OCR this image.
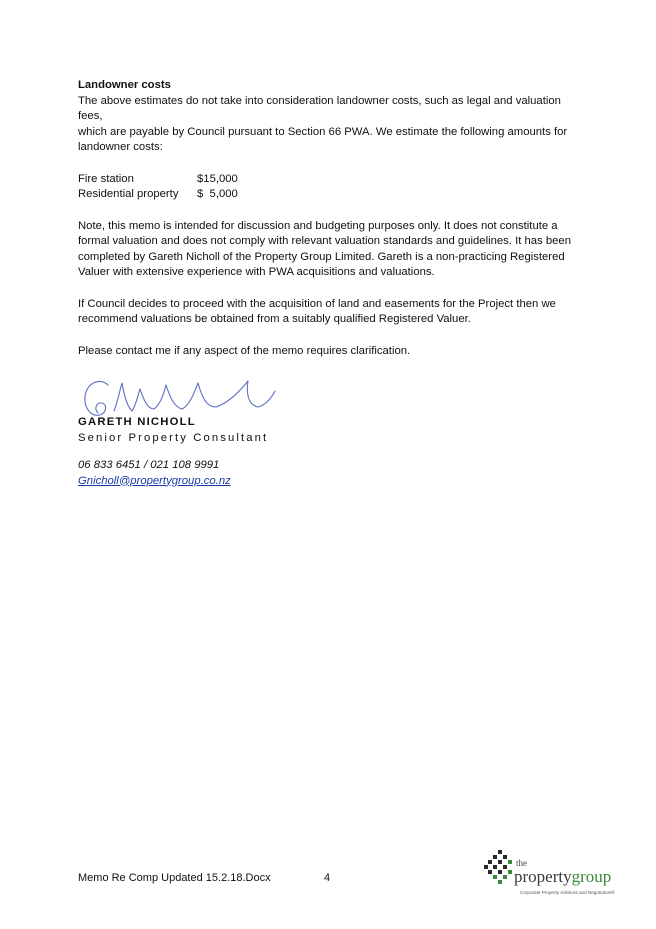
Landowner costs

The above estimates do not take into consideration landowner costs, such as legal and valuation fees,
which are payable by Council pursuant to Section 66 PWA. We estimate the following amounts for
landowner costs:

Fire station	$15,000
Residential property	$  5,000

Note, this memo is intended for discussion and budgeting purposes only. It does not constitute a
formal valuation and does not comply with relevant valuation standards and guidelines. It has been
completed by Gareth Nicholl of the Property Group Limited. Gareth is a non-practicing Registered
Valuer with extensive experience with PWA acquisitions and valuations.

If Council decides to proceed with the acquisition of land and easements for the Project then we
recommend valuations be obtained from a suitably qualified Registered Valuer.

Please contact me if any aspect of the memo requires clarification.

GARETH NICHOLL

Senior Property Consultant

06 833 6451 / 021 108 9991

Gnicholl@propertygroup.co.nz

Memo Re Comp Updated 15.2.18.Docx	4
the
propertygroup
Corporate Property Advisors and Negotiators®
